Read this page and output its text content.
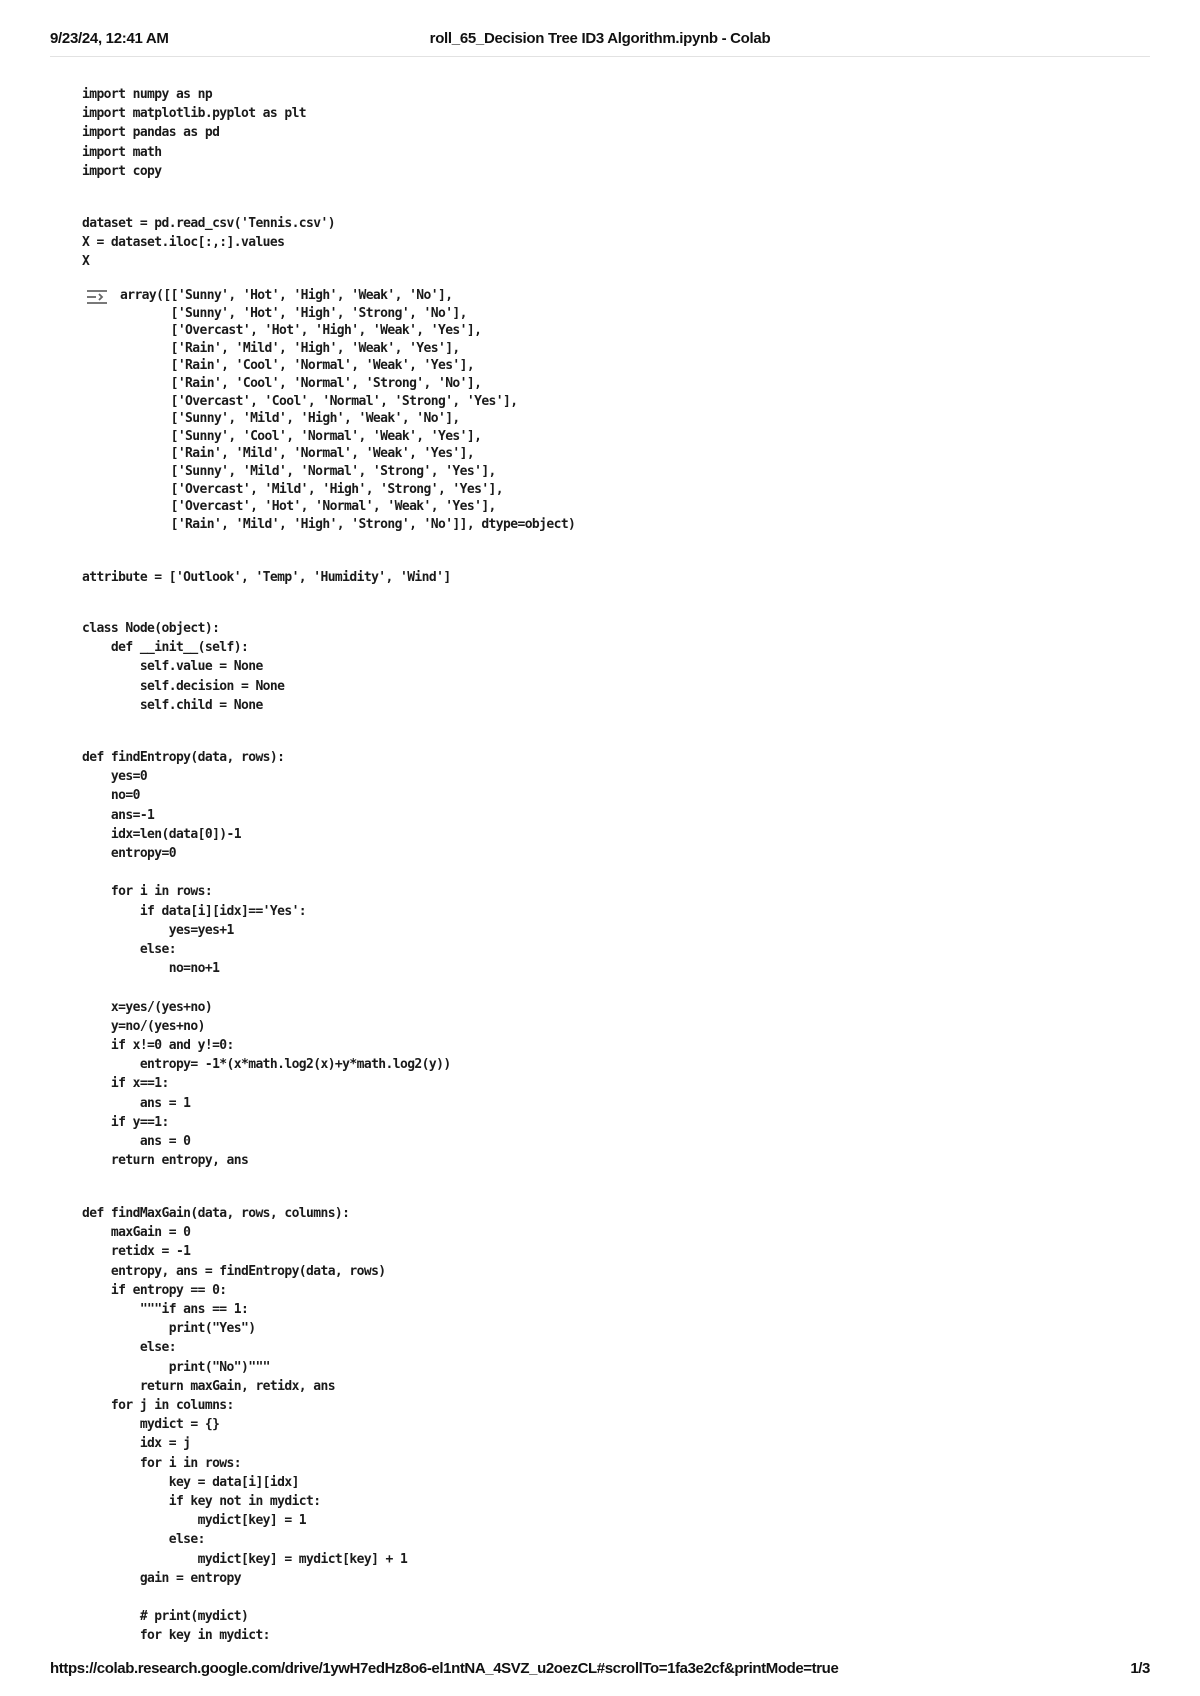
9/23/24, 12:41 AM	roll_65_Decision Tree ID3 Algorithm.ipynb - Colab
import numpy as np
import matplotlib.pyplot as plt
import pandas as pd
import math
import copy
dataset = pd.read_csv('Tennis.csv')
X = dataset.iloc[:,:].values
X
array([['Sunny', 'Hot', 'High', 'Weak', 'No'],
['Sunny', 'Hot', 'High', 'Strong', 'No'],
['Overcast', 'Hot', 'High', 'Weak', 'Yes'],
['Rain', 'Mild', 'High', 'Weak', 'Yes'],
['Rain', 'Cool', 'Normal', 'Weak', 'Yes'],
['Rain', 'Cool', 'Normal', 'Strong', 'No'],
['Overcast', 'Cool', 'Normal', 'Strong', 'Yes'],
['Sunny', 'Mild', 'High', 'Weak', 'No'],
['Sunny', 'Cool', 'Normal', 'Weak', 'Yes'],
['Rain', 'Mild', 'Normal', 'Weak', 'Yes'],
['Sunny', 'Mild', 'Normal', 'Strong', 'Yes'],
['Overcast', 'Mild', 'High', 'Strong', 'Yes'],
['Overcast', 'Hot', 'Normal', 'Weak', 'Yes'],
['Rain', 'Mild', 'High', 'Strong', 'No']], dtype=object)
attribute = ['Outlook', 'Temp', 'Humidity', 'Wind']
class Node(object):
def __init__(self):
self.value = None
self.decision = None
self.child = None
def findEntropy(data, rows):
yes=0
no=0
ans=-1
idx=len(data[0])-1
entropy=0

for i in rows:
if data[i][idx]=='Yes':
yes=yes+1
else:
no=no+1

x=yes/(yes+no)
y=no/(yes+no)
if x!=0 and y!=0:
entropy= -1*(x*math.log2(x)+y*math.log2(y))
if x==1:
ans = 1
if y==1:
ans = 0
return entropy, ans
def findMaxGain(data, rows, columns):
maxGain = 0
retidx = -1
entropy, ans = findEntropy(data, rows)
if entropy == 0:
"""if ans == 1:
print("Yes")
else:
print("No")"""
return maxGain, retidx, ans
for j in columns:
mydict = {}
idx = j
for i in rows:
key = data[i][idx]
if key not in mydict:
mydict[key] = 1
else:
mydict[key] = mydict[key] + 1
gain = entropy

# print(mydict)
for key in mydict:
https://colab.research.google.com/drive/1ywH7edHz8o6-el1ntNA_4SVZ_u2oezCL#scrollTo=1fa3e2cf&printMode=true	1/3
